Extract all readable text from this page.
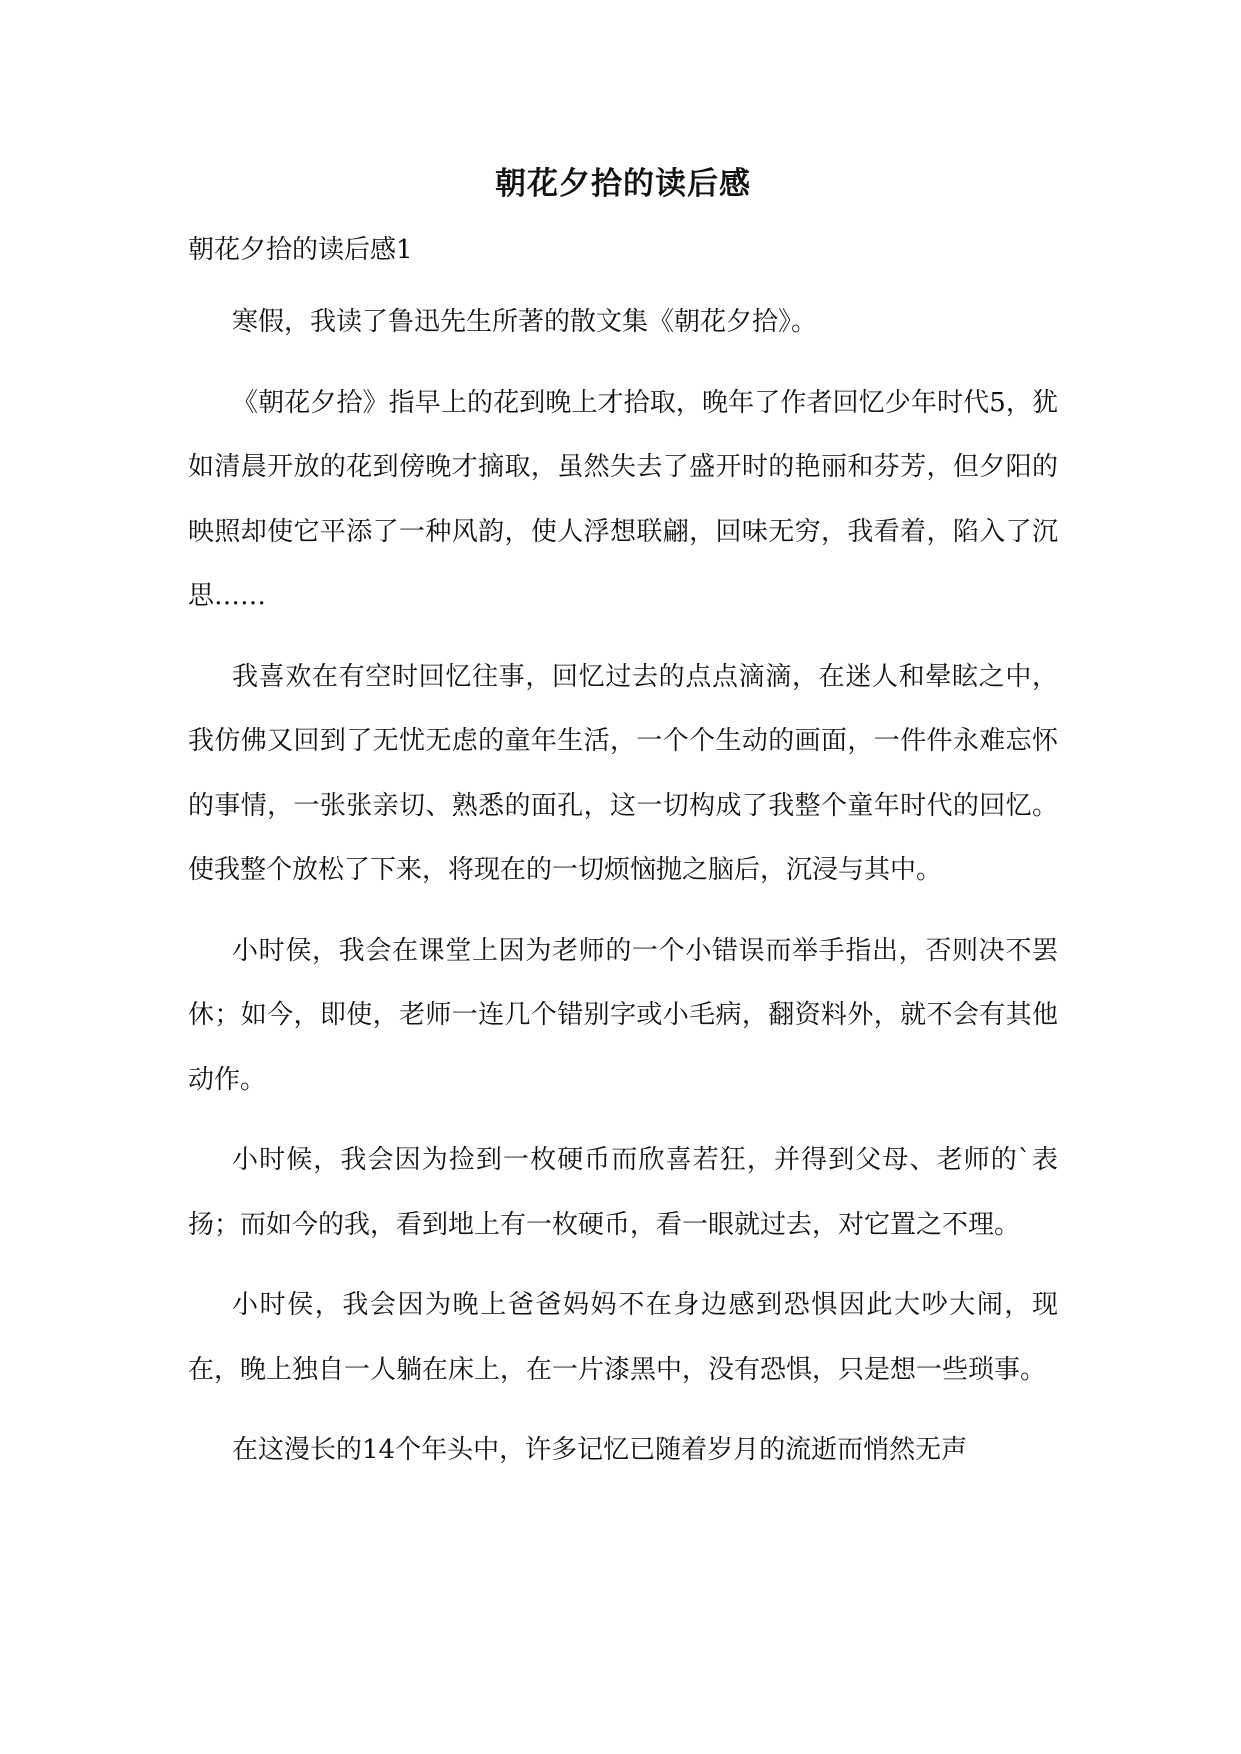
朝花夕拾的读后感

朝花夕拾的读后感1

寒假，我读了鲁迅先生所著的散文集《朝花夕拾》。

《朝花夕拾》指早上的花到晚上才拾取，晚年了作者回忆少年时代5，犹如清晨开放的花到傍晚才摘取，虽然失去了盛开时的艳丽和芬芳，但夕阳的映照却使它平添了一种风韵，使人浮想联翩，回味无穷，我看着，陷入了沉思……

我喜欢在有空时回忆往事，回忆过去的点点滴滴，在迷人和晕眩之中，我仿佛又回到了无忧无虑的童年生活，一个个生动的画面，一件件永难忘怀的事情，一张张亲切、熟悉的面孔，这一切构成了我整个童年时代的回忆。使我整个放松了下来，将现在的一切烦恼抛之脑后，沉浸与其中。

小时侯，我会在课堂上因为老师的一个小错误而举手指出，否则决不罢休；如今，即使，老师一连几个错别字或小毛病，翻资料外，就不会有其他动作。

小时候，我会因为捡到一枚硬币而欣喜若狂，并得到父母、老师的`表扬；而如今的我，看到地上有一枚硬币，看一眼就过去，对它置之不理。

小时侯，我会因为晚上爸爸妈妈不在身边感到恐惧因此大吵大闹，现在，晚上独自一人躺在床上，在一片漆黑中，没有恐惧，只是想一些琐事。

在这漫长的14个年头中，许多记忆已随着岁月的流逝而悄然无声
